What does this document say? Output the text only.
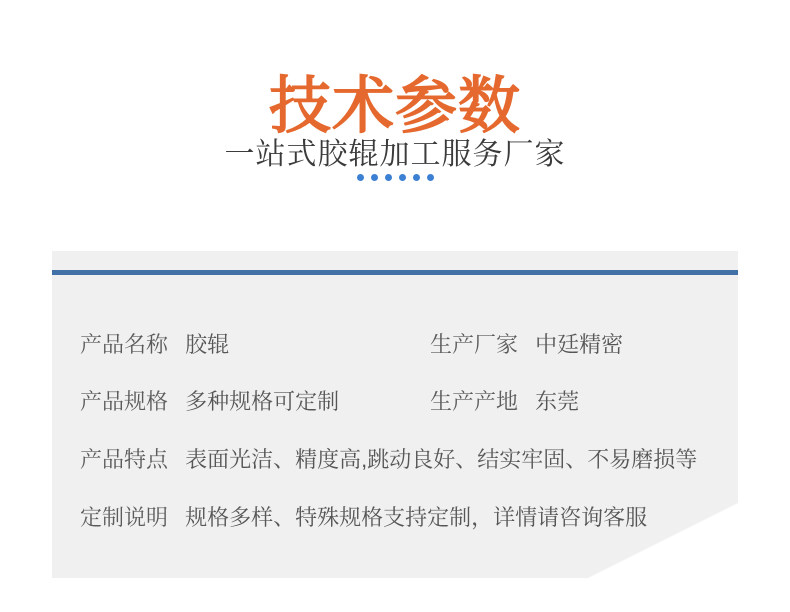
技术参数

一站式胶辊加工服务厂家

产品名称 胶辊	生产厂家 中廷精密
产品规格 多种规格可定制	生产产地 东莞
产品特点 表面光洁、精度高,跳动良好、结实牢固、不易磨损等
定制说明 规格多样、特殊规格支持定制，详情请咨询客服
